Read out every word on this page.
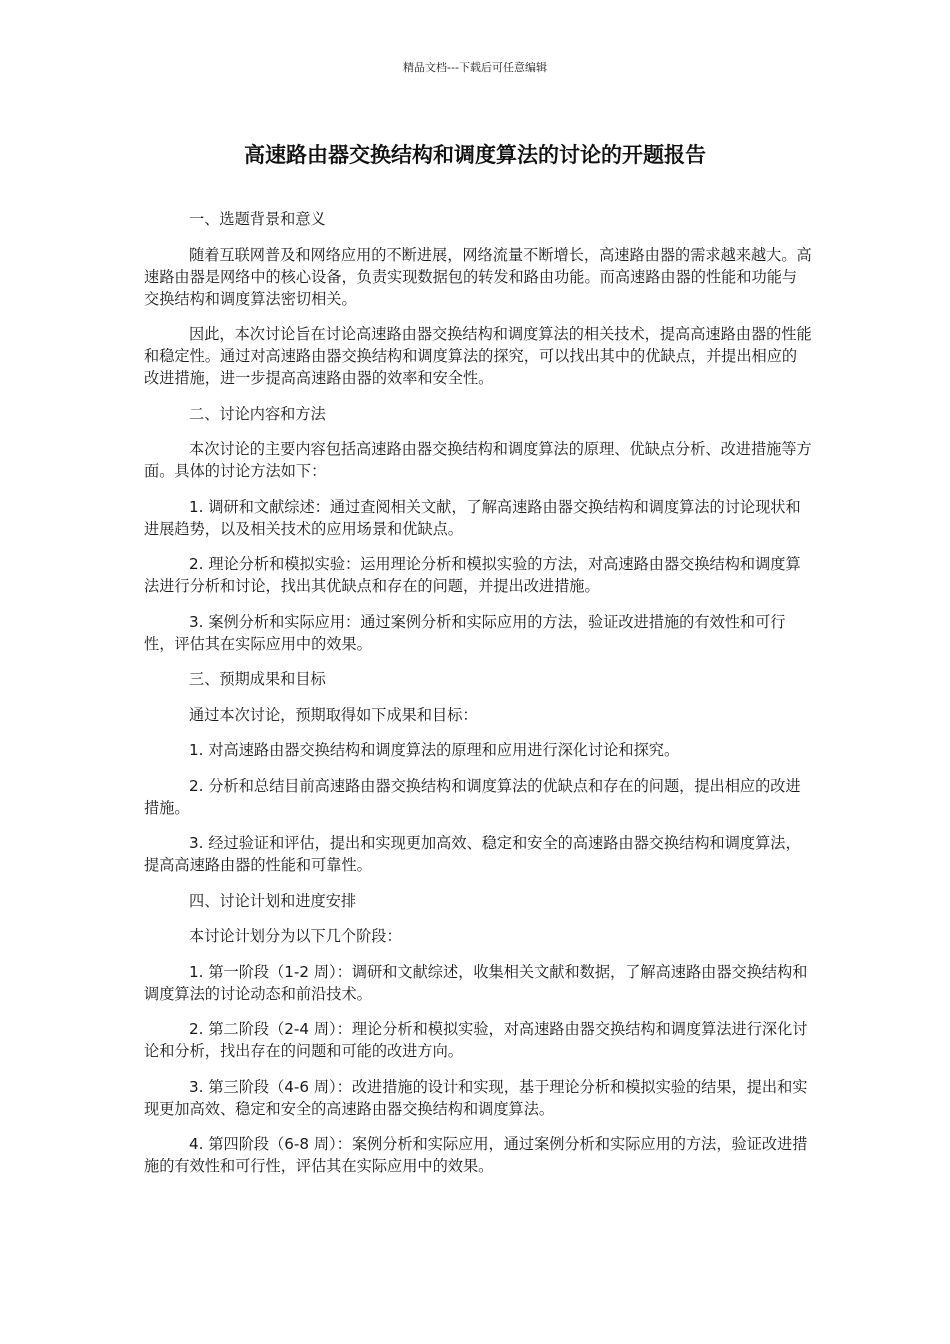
精品文档---下载后可任意编辑
高速路由器交换结构和调度算法的讨论的开题报告

一、选题背景和意义

随着互联网普及和网络应用的不断进展，网络流量不断增长，高速路由器的需求越来越大。高速路由器是网络中的核心设备，负责实现数据包的转发和路由功能。而高速路由器的性能和功能与交换结构和调度算法密切相关。

因此，本次讨论旨在讨论高速路由器交换结构和调度算法的相关技术，提高高速路由器的性能和稳定性。通过对高速路由器交换结构和调度算法的探究，可以找出其中的优缺点，并提出相应的改进措施，进一步提高高速路由器的效率和安全性。

二、讨论内容和方法

本次讨论的主要内容包括高速路由器交换结构和调度算法的原理、优缺点分析、改进措施等方面。具体的讨论方法如下：

1. 调研和文献综述：通过查阅相关文献，了解高速路由器交换结构和调度算法的讨论现状和进展趋势，以及相关技术的应用场景和优缺点。

2. 理论分析和模拟实验：运用理论分析和模拟实验的方法，对高速路由器交换结构和调度算法进行分析和讨论，找出其优缺点和存在的问题，并提出改进措施。

3. 案例分析和实际应用：通过案例分析和实际应用的方法，验证改进措施的有效性和可行性，评估其在实际应用中的效果。

三、预期成果和目标

通过本次讨论，预期取得如下成果和目标：

1. 对高速路由器交换结构和调度算法的原理和应用进行深化讨论和探究。

2. 分析和总结目前高速路由器交换结构和调度算法的优缺点和存在的问题，提出相应的改进措施。

3. 经过验证和评估，提出和实现更加高效、稳定和安全的高速路由器交换结构和调度算法，提高高速路由器的性能和可靠性。

四、讨论计划和进度安排

本讨论计划分为以下几个阶段：

1. 第一阶段（1-2 周）：调研和文献综述，收集相关文献和数据，了解高速路由器交换结构和调度算法的讨论动态和前沿技术。

2. 第二阶段（2-4 周）：理论分析和模拟实验，对高速路由器交换结构和调度算法进行深化讨论和分析，找出存在的问题和可能的改进方向。

3. 第三阶段（4-6 周）：改进措施的设计和实现，基于理论分析和模拟实验的结果，提出和实现更加高效、稳定和安全的高速路由器交换结构和调度算法。

4. 第四阶段（6-8 周）：案例分析和实际应用，通过案例分析和实际应用的方法，验证改进措施的有效性和可行性，评估其在实际应用中的效果。
